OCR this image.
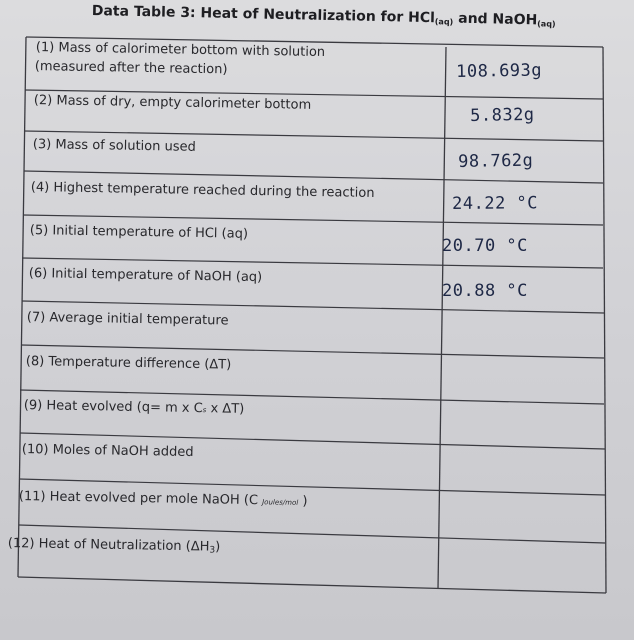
Data Table 3: Heat of Neutralization for HCl$_{(aq)}$ and NaOH$_{(aq)}$

(1) Mass of calorimeter bottom with solution

(measured after the reaction)

(2) Mass of dry, empty calorimeter bottom

(3) Mass of solution used

(4) Highest temperature reached during the reaction

(5) Initial temperature of HCl (aq)

(6) Initial temperature of NaOH (aq)

(7) Average initial temperature

(8) Temperature difference (ΔT)

(9) Heat evolved (q= m x Cs x ΔT)

(10) Moles of NaOH added

(11) Heat evolved per mole NaOH (C Joules/mol )

(12) Heat of Neutralization (ΔH3)

108.693g

5.832g

98.762g

24.22 °C

20.70 °C

20.88 °C
